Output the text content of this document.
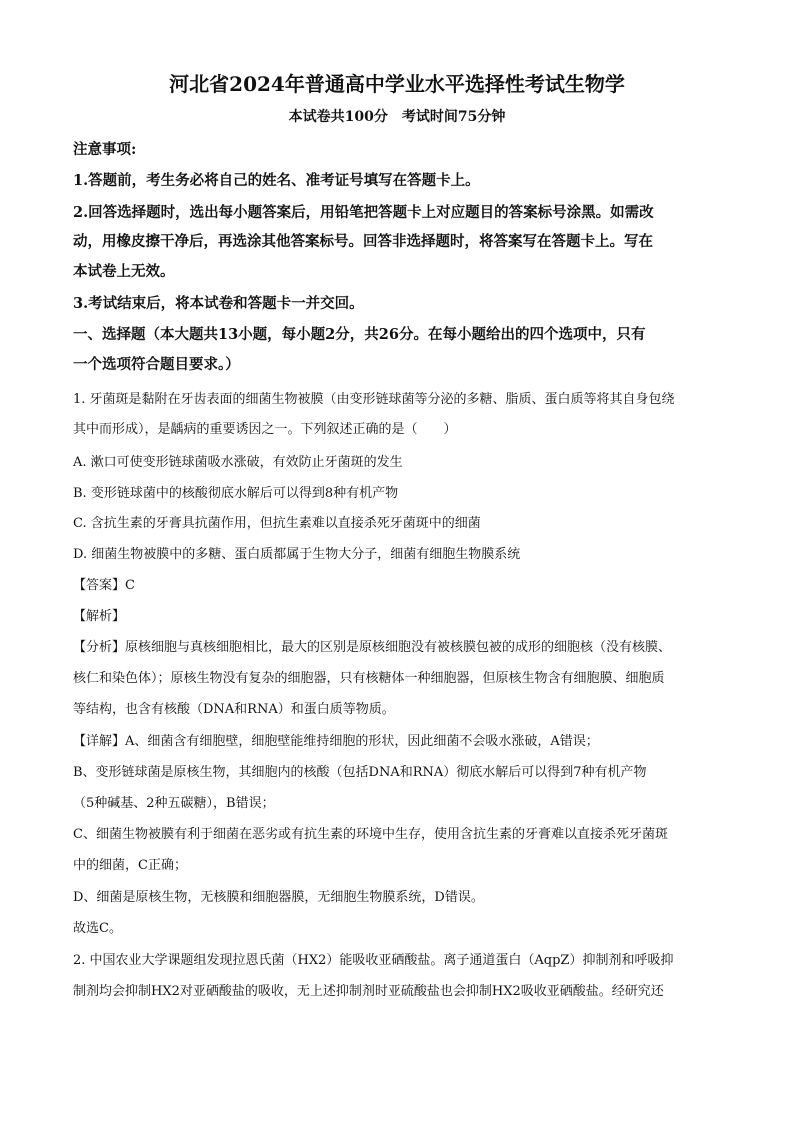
河北省2024年普通高中学业水平选择性考试生物学
本试卷共100分　考试时间75分钟
注意事项:
1.答题前，考生务必将自己的姓名、准考证号填写在答题卡上。
2.回答选择题时，选出每小题答案后，用铅笔把答题卡上对应题目的答案标号涂黑。如需改
动，用橡皮擦干净后，再选涂其他答案标号。回答非选择题时，将答案写在答题卡上。写在
本试卷上无效。
3.考试结束后，将本试卷和答题卡一并交回。
一、选择题（本大题共13小题，每小题2分，共26分。在每小题给出的四个选项中，只有
一个选项符合题目要求。）
1. 牙菌斑是黏附在牙齿表面的细菌生物被膜（由变形链球菌等分泌的多糖、脂质、蛋白质等将其自身包绕
其中而形成），是龋病的重要诱因之一。下列叙述正确的是（　　）
A. 漱口可使变形链球菌吸水涨破，有效防止牙菌斑的发生
B. 变形链球菌中的核酸彻底水解后可以得到8种有机产物
C. 含抗生素的牙膏具抗菌作用，但抗生素难以直接杀死牙菌斑中的细菌
D. 细菌生物被膜中的多糖、蛋白质都属于生物大分子，细菌有细胞生物膜系统
【答案】C
【解析】
【分析】原核细胞与真核细胞相比，最大的区别是原核细胞没有被核膜包被的成形的细胞核（没有核膜、
核仁和染色体）；原核生物没有复杂的细胞器，只有核糖体一种细胞器，但原核生物含有细胞膜、细胞质
等结构，也含有核酸（DNA和RNA）和蛋白质等物质。
【详解】A、细菌含有细胞壁，细胞壁能维持细胞的形状，因此细菌不会吸水涨破，A错误；
B、变形链球菌是原核生物，其细胞内的核酸（包括DNA和RNA）彻底水解后可以得到7种有机产物
（5种碱基、2种五碳糖），B错误；
C、细菌生物被膜有利于细菌在恶劣或有抗生素的环境中生存，使用含抗生素的牙膏难以直接杀死牙菌斑
中的细菌，C正确；
D、细菌是原核生物，无核膜和细胞器膜，无细胞生物膜系统，D错误。
故选C。
2. 中国农业大学课题组发现拉恩氏菌（HX2）能吸收亚硒酸盐。离子通道蛋白（AqpZ）抑制剂和呼吸抑
制剂均会抑制HX2对亚硒酸盐的吸收，无上述抑制剂时亚硫酸盐也会抑制HX2吸收亚硒酸盐。经研究还
